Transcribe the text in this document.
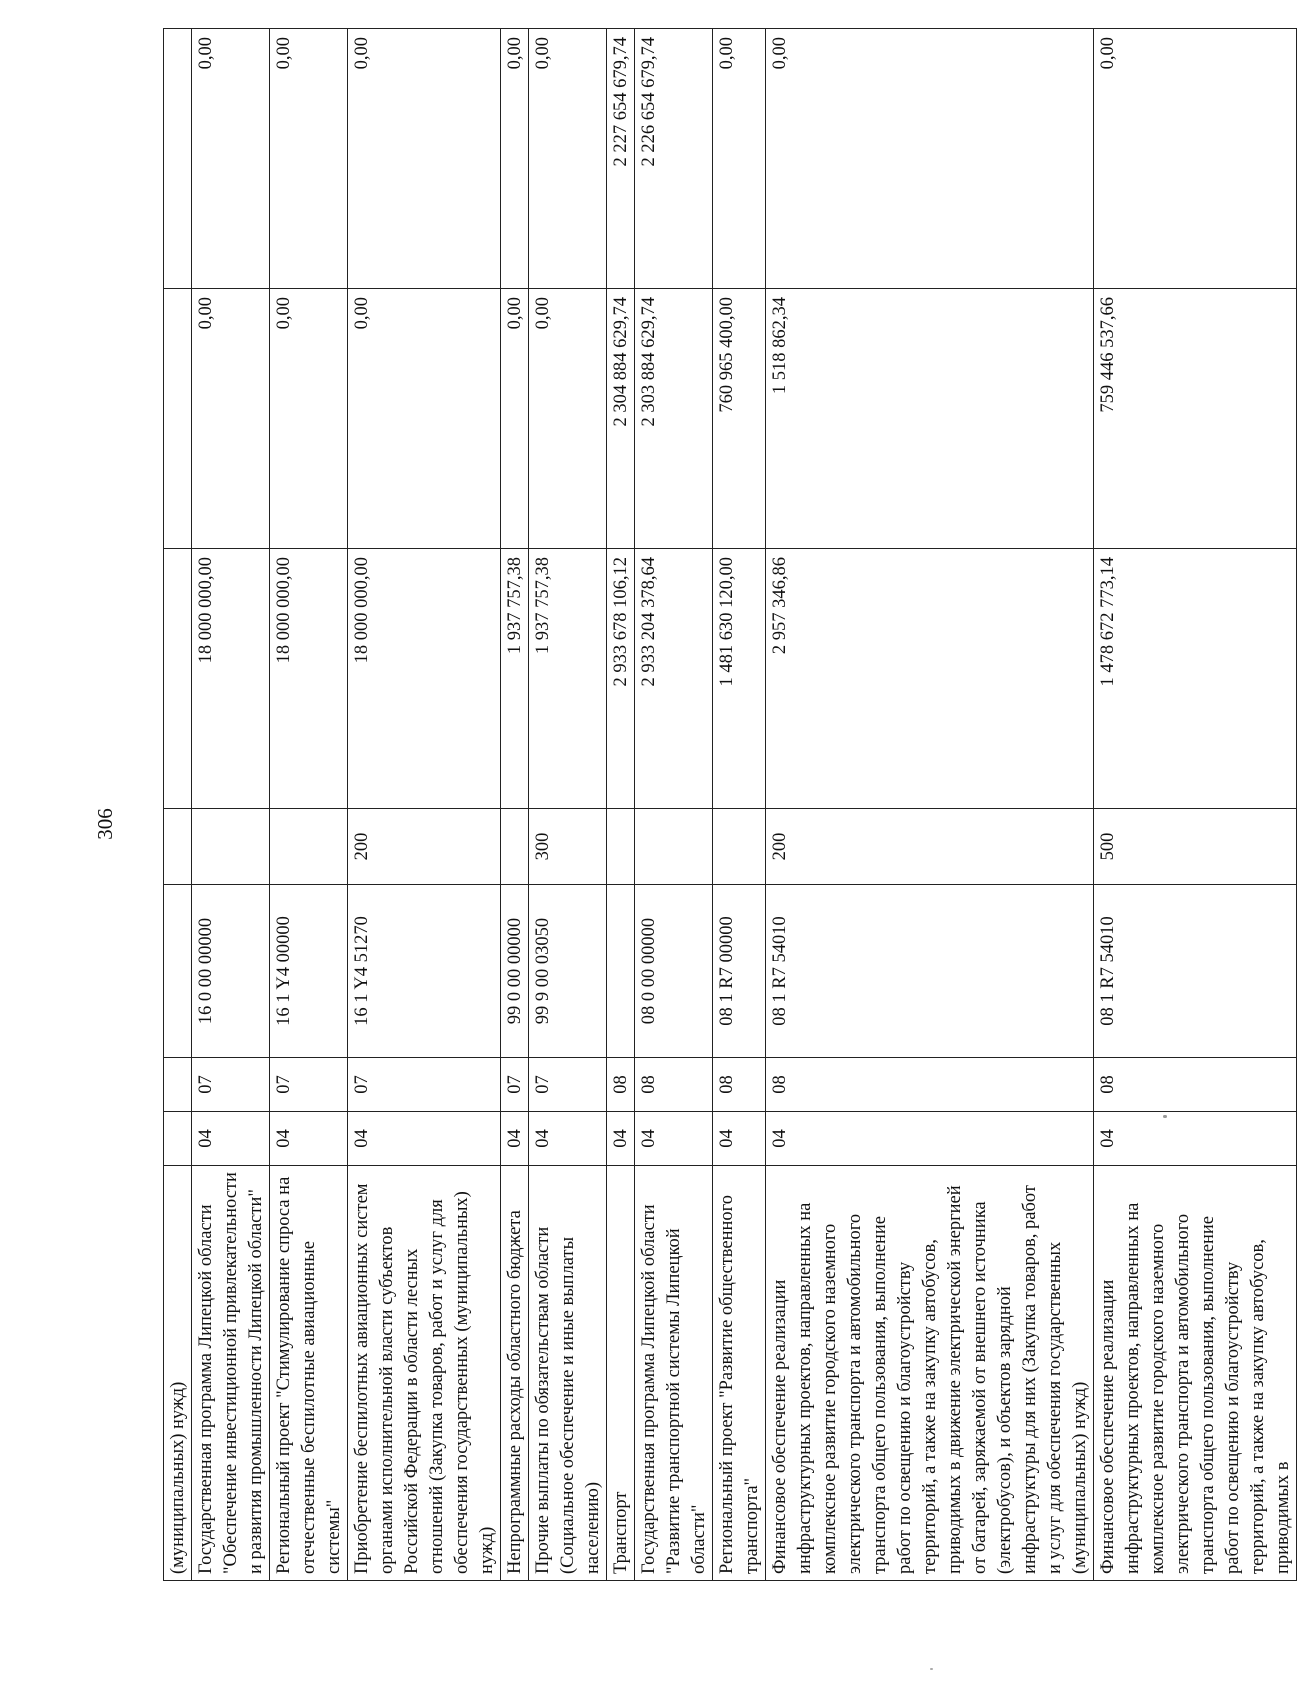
306
(муниципальных) нужд)							
Государственная программа Липецкой области "Обеспечение инвестиционной привлекательности и развития промышленности Липецкой области"	04	07	16 0 00 00000		18 000 000,00	0,00	0,00
Региональный проект "Стимулирование спроса на отечественные беспилотные авиационные системы"	04	07	16 1 Y4 00000		18 000 000,00	0,00	0,00
Приобретение беспилотных авиационных систем органами исполнительной власти субъектов Российской Федерации в области лесных отношений (Закупка товаров, работ и услуг для обеспечения государственных (муниципальных) нужд)	04	07	16 1 Y4 51270	200	18 000 000,00	0,00	0,00
Непрограммные расходы областного бюджета	04	07	99 0 00 00000		1 937 757,38	0,00	0,00
Прочие выплаты по обязательствам области (Социальное обеспечение и иные выплаты населению)	04	07	99 9 00 03050	300	1 937 757,38	0,00	0,00
Транспорт	04	08			2 933 678 106,12	2 304 884 629,74	2 227 654 679,74
Государственная программа Липецкой области "Развитие транспортной системы Липецкой области"	04	08	08 0 00 00000		2 933 204 378,64	2 303 884 629,74	2 226 654 679,74
Региональный проект "Развитие общественного транспорта"	04	08	08 1 R7 00000		1 481 630 120,00	760 965 400,00	0,00
Финансовое обеспечение реализации инфраструктурных проектов, направленных на комплексное развитие городского наземного электрического транспорта и автомобильного транспорта общего пользования, выполнение работ по освещению и благоустройству территорий, а также на закупку автобусов, приводимых в движение электрической энергией от батарей, заряжаемой от внешнего источника (электробусов), и объектов зарядной инфраструктуры для них (Закупка товаров, работ и услуг для обеспечения государственных (муниципальных) нужд)	04	08	08 1 R7 54010	200	2 957 346,86	1 518 862,34	0,00
Финансовое обеспечение реализации инфраструктурных проектов, направленных на комплексное развитие городского наземного электрического транспорта и автомобильного транспорта общего пользования, выполнение работ по освещению и благоустройству территорий, а также на закупку автобусов, приводимых в	04	08	08 1 R7 54010	500	1 478 672 773,14	759 446 537,66	0,00
